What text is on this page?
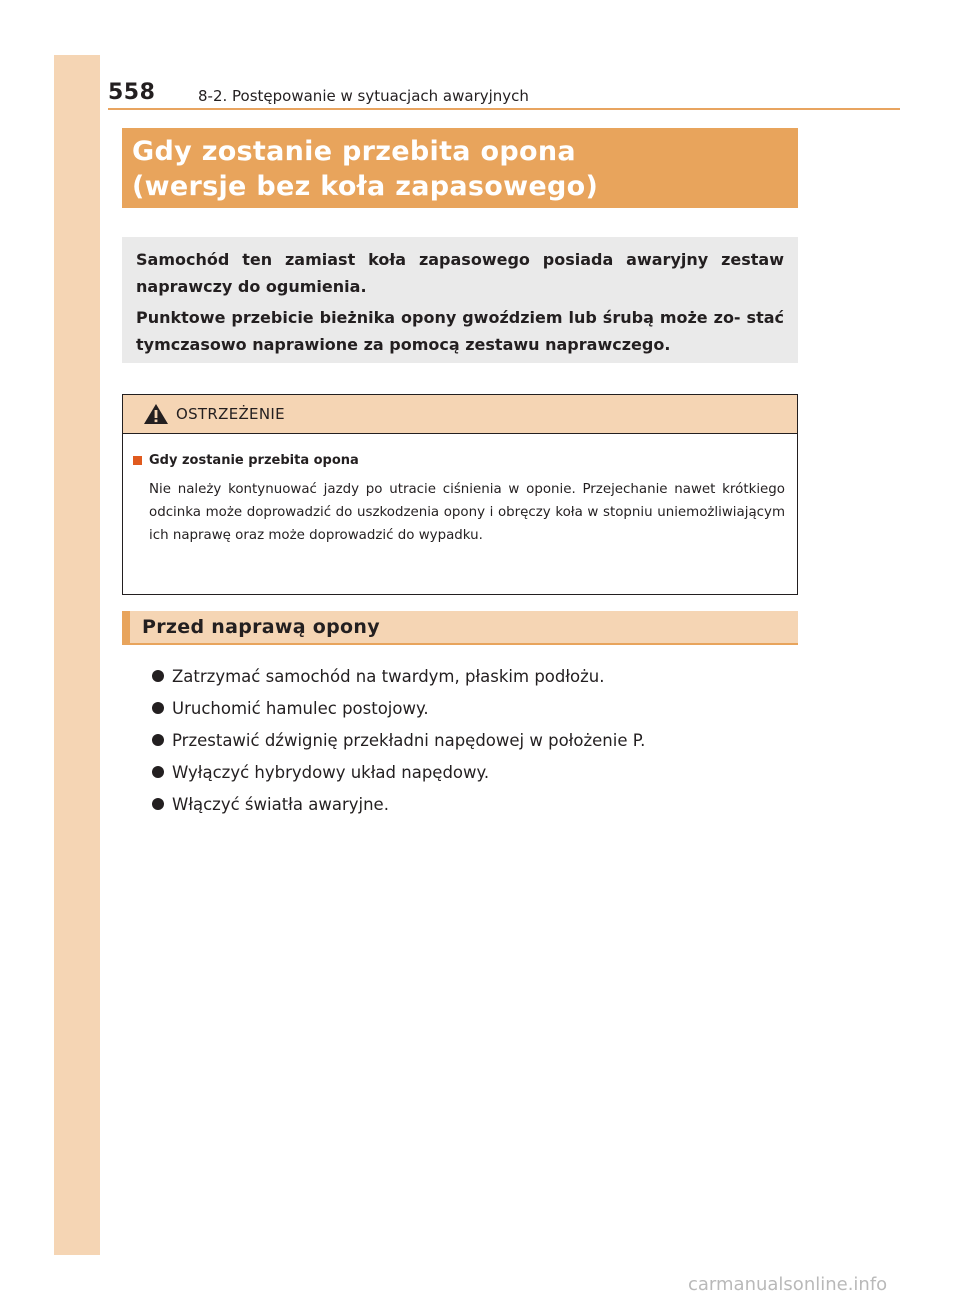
558	8-2. Postępowanie w sytuacjach awaryjnych
Gdy zostanie przebita opona
(wersje bez koła zapasowego)

Samochód ten zamiast koła zapasowego posiada awaryjny zestaw naprawczy do ogumienia.

Punktowe przebicie bieżnika opony gwoździem lub śrubą może zo- stać tymczasowo naprawione za pomocą zestawu naprawczego.

OSTRZEŻENIE
Gdy zostanie przebita opona

Nie należy kontynuować jazdy po utracie ciśnienia w oponie. Przejechanie nawet krótkiego odcinka może doprowadzić do uszkodzenia opony i obręczy koła w stopniu uniemożliwiającym ich naprawę oraz może doprowadzić do wypadku.

Przed naprawą opony
Zatrzymać samochód na twardym, płaskim podłożu.
Uruchomić hamulec postojowy.
Przestawić dźwignię przekładni napędowej w położenie P.
Wyłączyć hybrydowy układ napędowy.
Włączyć światła awaryjne.
carmanualsonline.info
